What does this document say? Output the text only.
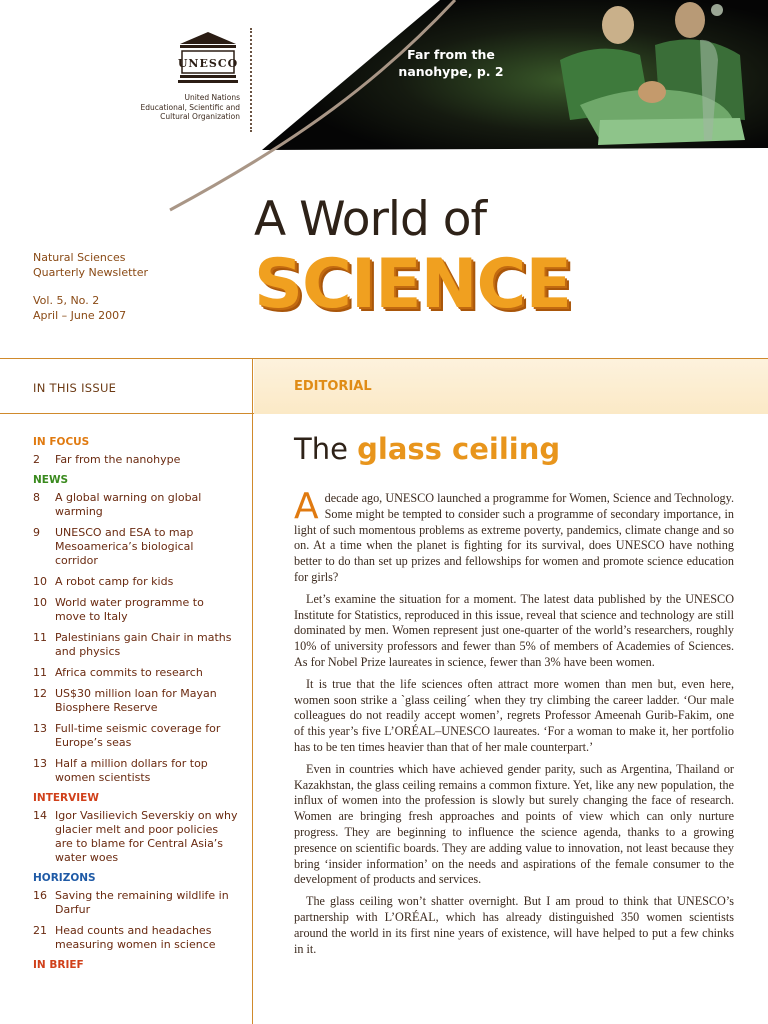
Far from the
nanohype, p. 2
UNESCO
United Nations
Educational, Scientific and
Cultural Organization
A World of
SCIENCE
Natural Sciences
Quarterly Newsletter
Vol. 5, No. 2
April – June 2007
IN THIS ISSUE	EDITORIAL
IN FOCUS
2	Far from the nanohype
NEWS
8	A global warning on global warming
9	UNESCO and ESA to map Mesoamerica’s biological corridor
10 A robot camp for kids
10 World water programme to move to Italy
11 Palestinians gain Chair in maths and physics
11 Africa commits to research
12 US$30 million loan for Mayan Biosphere Reserve
13 Full-time seismic coverage for Europe’s seas
13 Half a million dollars for top women scientists
INTERVIEW
14 Igor Vasilievich Severskiy on why glacier melt and poor policies are to blame for Central Asia’s water woes
HORIZONS
16 Saving the remaining wildlife in Darfur
21 Head counts and headaches measuring women in science
IN BRIEF
The glass ceiling

Adecade ago, UNESCO launched a programme for Women, Science and Technology. Some might be tempted to consider such a programme of secondary importance, in light of such momentous problems as extreme poverty, pandemics, climate change and so on. At a time when the planet is fighting for its survival, does UNESCO have nothing better to do than set up prizes and fellowships for women and promote science education for girls?

Let’s examine the situation for a moment. The latest data published by the UNESCO Institute for Statistics, reproduced in this issue, reveal that science and technology are still dominated by men. Women represent just one-quarter of the world’s researchers, roughly 10% of university professors and fewer than 5% of members of Academies of Sciences. As for Nobel Prize laureates in science, fewer than 3% have been women.

It is true that the life sciences often attract more women than men but, even here, women soon strike a `glass ceiling´ when they try climbing the career ladder. ‘Our male colleagues do not readily accept women’, regrets Professor Ameenah Gurib-Fakim, one of this year’s five L’ORÉAL–UNESCO laureates. ‘For a woman to make it, her portfolio has to be ten times heavier than that of her male counterpart.’

Even in countries which have achieved gender parity, such as Argentina, Thailand or Kazakhstan, the glass ceiling remains a common fixture. Yet, like any new population, the influx of women into the profession is slowly but surely changing the face of research. Women are bringing fresh approaches and points of view which can only nurture progress. They are beginning to influence the science agenda, thanks to a growing presence on scientific boards. They are adding value to innovation, not least because they bring ‘insider information’ on the needs and aspirations of the female consumer to the development of products and services.

The glass ceiling won’t shatter overnight. But I am proud to think that UNESCO’s partnership with L’ORÉAL, which has already distinguished 350 women scientists around the world in its first nine years of existence, will have helped to put a few chinks in it.
